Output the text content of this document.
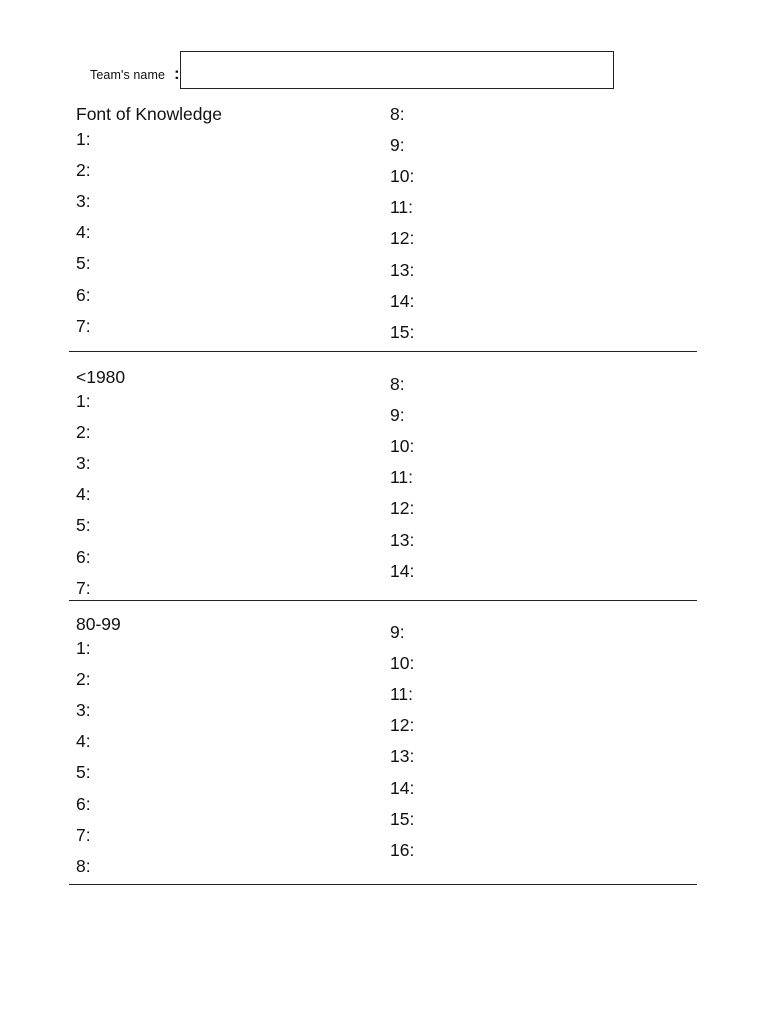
Team's name :
Font of Knowledge
1:
2:
3:
4:
5:
6:
7:
8:
9:
10:
11:
12:
13:
14:
15:
<1980
1:
2:
3:
4:
5:
6:
7:
8:
9:
10:
11:
12:
13:
14:
80-99
1:
2:
3:
4:
5:
6:
7:
8:
9:
10:
11:
12:
13:
14:
15:
16:
